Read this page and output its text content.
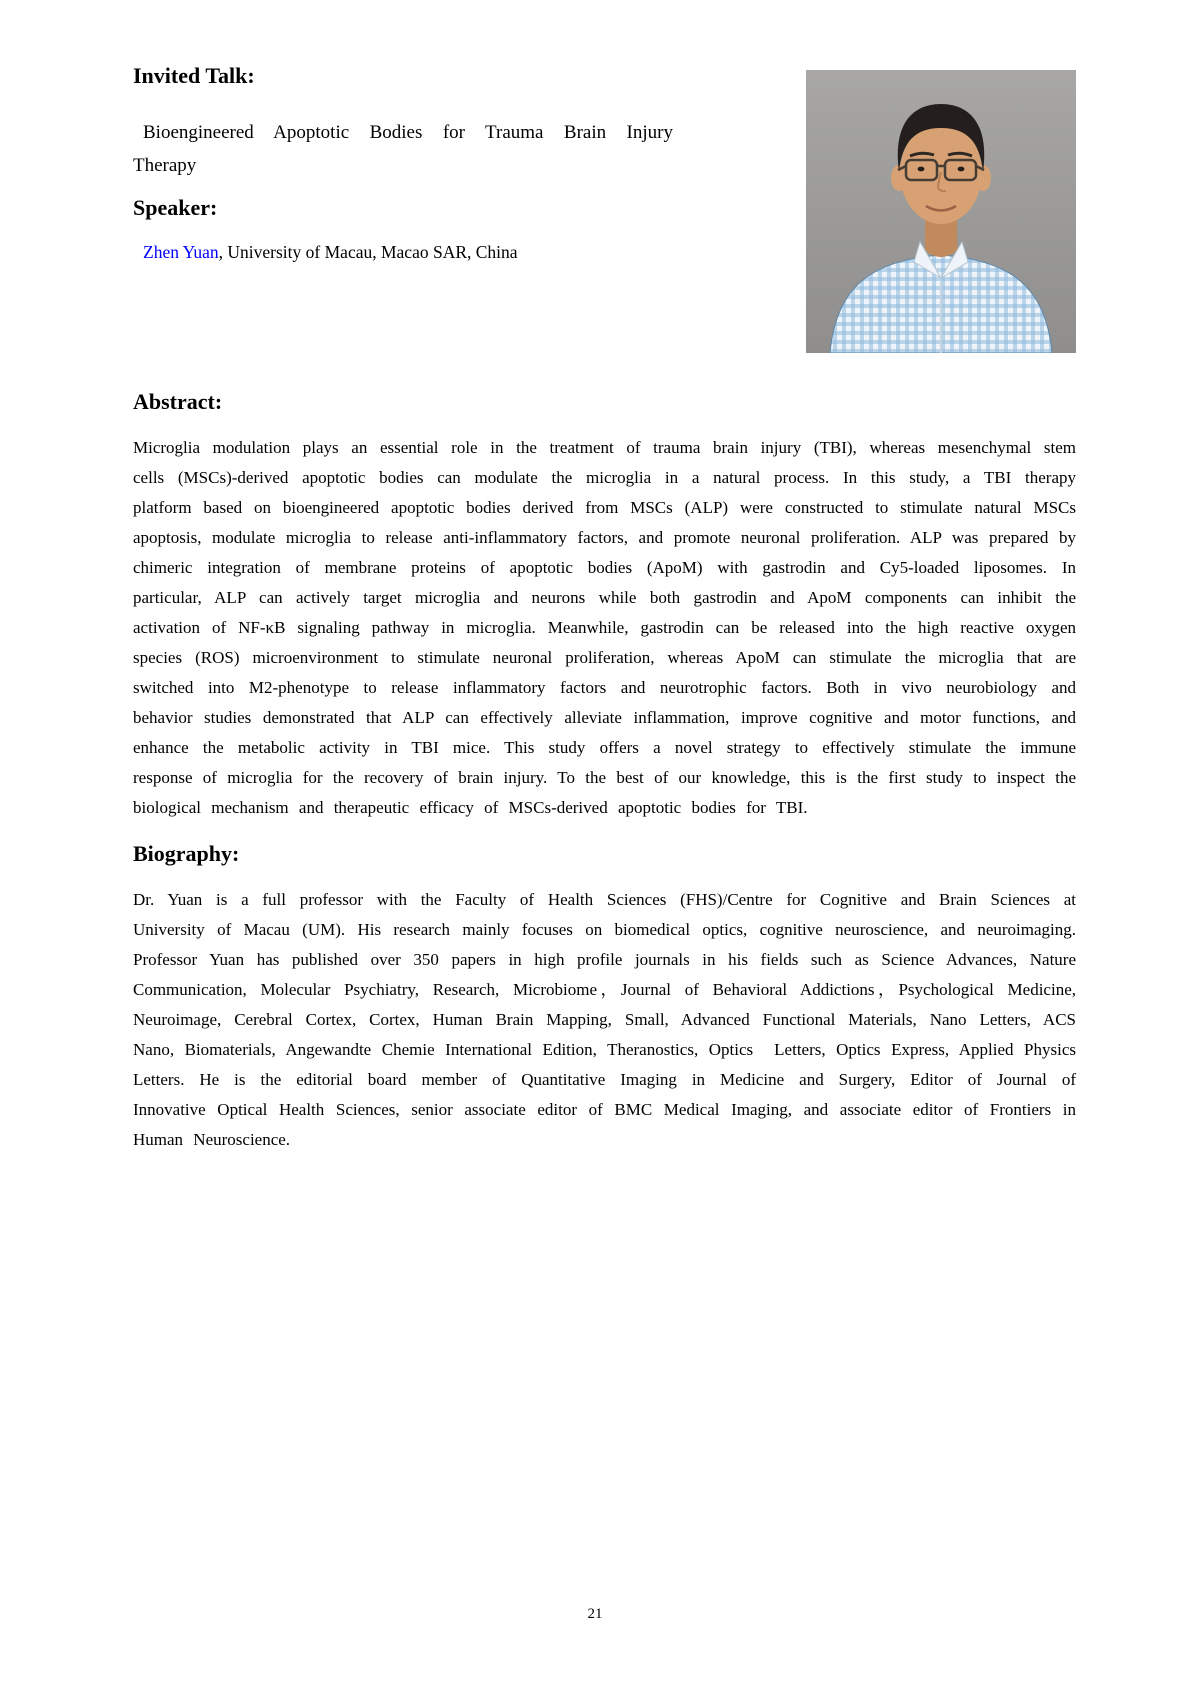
Invited Talk:

Bioengineered Apoptotic Bodies for Trauma Brain Injury Therapy

Speaker:

Zhen Yuan, University of Macau, Macao SAR, China

Abstract:

Microglia modulation plays an essential role in the treatment of trauma brain injury (TBI), whereas mesenchymal stem cells (MSCs)-derived apoptotic bodies can modulate the microglia in a natural process. In this study, a TBI therapy platform based on bioengineered apoptotic bodies derived from MSCs (ALP) were constructed to stimulate natural MSCs apoptosis, modulate microglia to release anti-inflammatory factors, and promote neuronal proliferation. ALP was prepared by chimeric integration of membrane proteins of apoptotic bodies (ApoM) with gastrodin and Cy5-loaded liposomes. In particular, ALP can actively target microglia and neurons while both gastrodin and ApoM components can inhibit the activation of NF-κB signaling pathway in microglia. Meanwhile, gastrodin can be released into the high reactive oxygen species (ROS) microenvironment to stimulate neuronal proliferation, whereas ApoM can stimulate the microglia that are switched into M2-phenotype to release inflammatory factors and neurotrophic factors. Both in vivo neurobiology and behavior studies demonstrated that ALP can effectively alleviate inflammation, improve cognitive and motor functions, and enhance the metabolic activity in TBI mice. This study offers a novel strategy to effectively stimulate the immune response of microglia for the recovery of brain injury. To the best of our knowledge, this is the first study to inspect the biological mechanism and therapeutic efficacy of MSCs-derived apoptotic bodies for TBI.

Biography:

Dr. Yuan is a full professor with the Faculty of Health Sciences (FHS)/Centre for Cognitive and Brain Sciences at University of Macau (UM). His research mainly focuses on biomedical optics, cognitive neuroscience, and neuroimaging. Professor Yuan has published over 350 papers in high profile journals in his fields such as Science Advances, Nature Communication, Molecular Psychiatry, Research, Microbiome，Journal of Behavioral Addictions，Psychological Medicine, Neuroimage, Cerebral Cortex, Cortex, Human Brain Mapping, Small, Advanced Functional Materials, Nano Letters, ACS Nano, Biomaterials, Angewandte Chemie International Edition, Theranostics, Optics  Letters, Optics Express, Applied Physics Letters. He is the editorial board member of Quantitative Imaging in Medicine and Surgery, Editor of Journal of Innovative Optical Health Sciences, senior associate editor of BMC Medical Imaging, and associate editor of Frontiers in Human Neuroscience.

21
